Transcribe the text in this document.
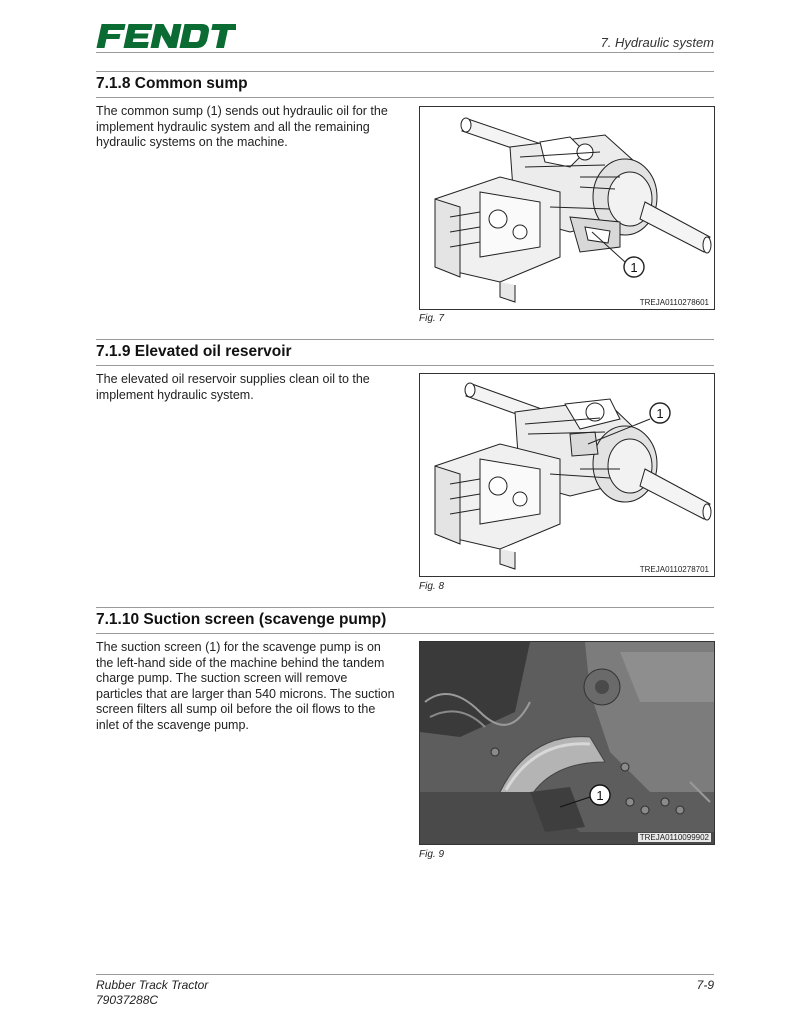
7. Hydraulic system
7.1.8 Common sump
The common sump (1) sends out hydraulic oil for the implement hydraulic system and all the remaining hydraulic systems on the machine.
1
TREJA0110278601
Fig. 7
7.1.9 Elevated oil reservoir
The elevated oil reservoir supplies clean oil to the implement hydraulic system.
1
TREJA0110278701
Fig. 8
7.1.10 Suction screen (scavenge pump)
The suction screen (1) for the scavenge pump is on the left-hand side of the machine behind the tandem charge pump. The suction screen will remove particles that are larger than 540 microns. The suction screen filters all sump oil before the oil flows to the inlet of the scavenge pump.
1
TREJA0110099902
Fig. 9
Rubber Track Tractor
79037288C
7-9
